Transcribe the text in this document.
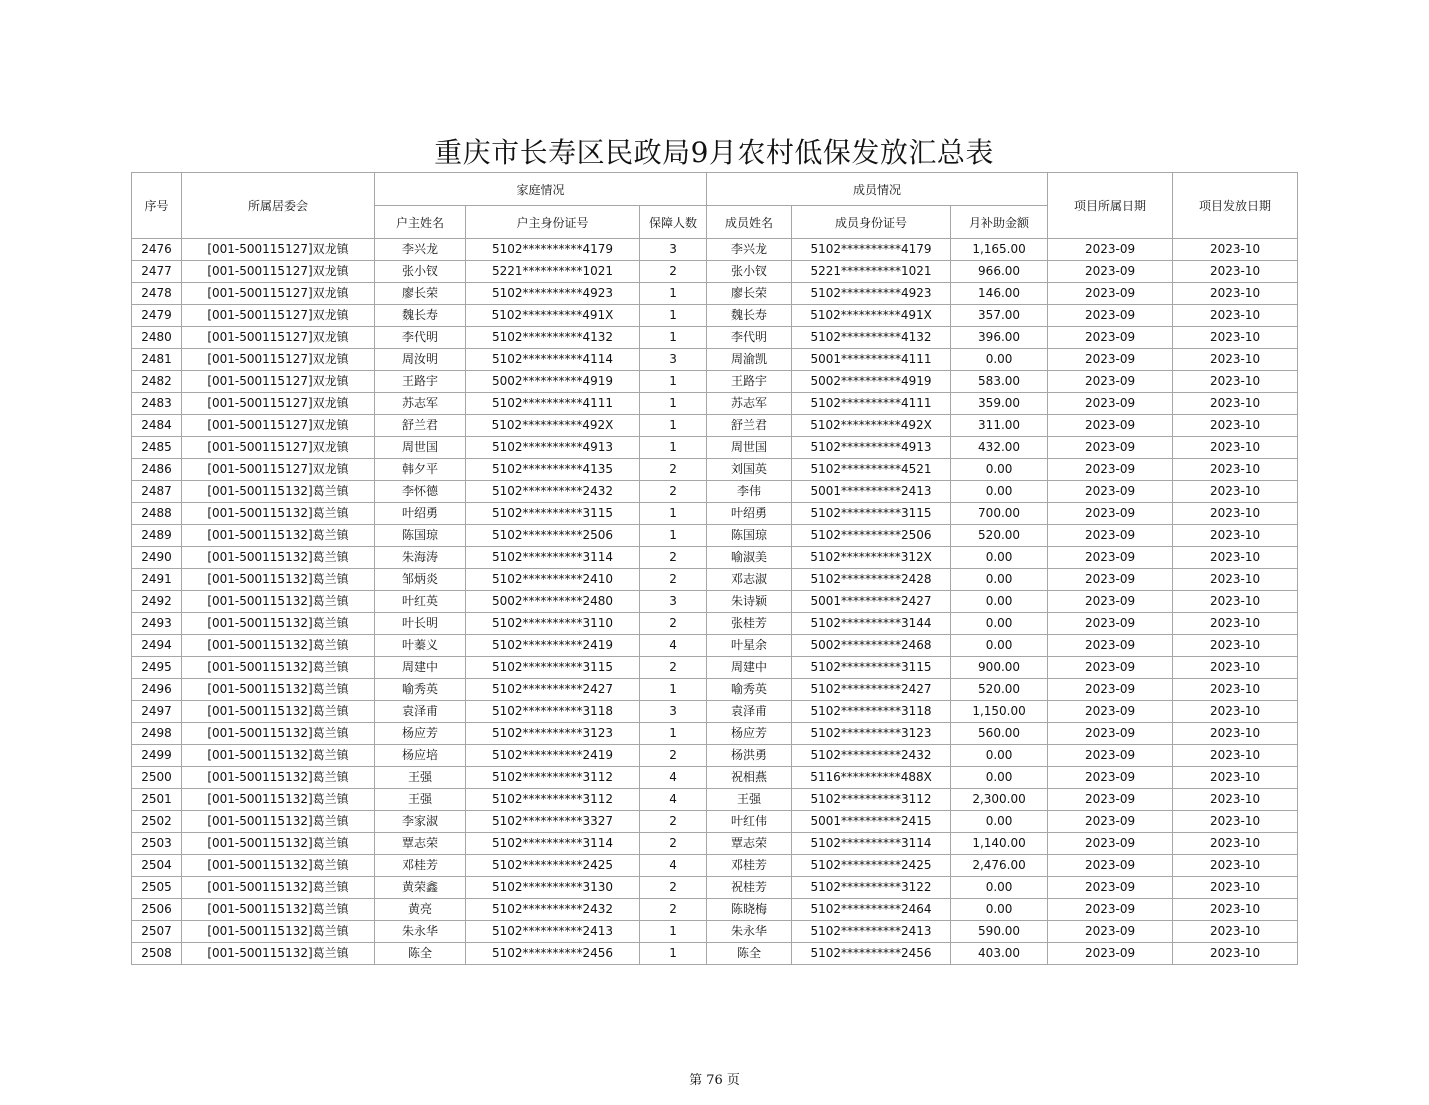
重庆市长寿区民政局9月农村低保发放汇总表
序号	所属居委会	家庭情况			成员情况			项目所属日期	项目发放日期
		户主姓名	户主身份证号	保障人数	成员姓名	成员身份证号	月补助金额		
2476	[001-500115127]双龙镇	李兴龙	5102**********4179	3	李兴龙	5102**********4179	1,165.00	2023-09	2023-10
2477	[001-500115127]双龙镇	张小钗	5221**********1021	2	张小钗	5221**********1021	966.00	2023-09	2023-10
2478	[001-500115127]双龙镇	廖长荣	5102**********4923	1	廖长荣	5102**********4923	146.00	2023-09	2023-10
2479	[001-500115127]双龙镇	魏长寿	5102**********491X	1	魏长寿	5102**********491X	357.00	2023-09	2023-10
2480	[001-500115127]双龙镇	李代明	5102**********4132	1	李代明	5102**********4132	396.00	2023-09	2023-10
2481	[001-500115127]双龙镇	周汝明	5102**********4114	3	周渝凯	5001**********4111	0.00	2023-09	2023-10
2482	[001-500115127]双龙镇	王路宇	5002**********4919	1	王路宇	5002**********4919	583.00	2023-09	2023-10
2483	[001-500115127]双龙镇	苏志军	5102**********4111	1	苏志军	5102**********4111	359.00	2023-09	2023-10
2484	[001-500115127]双龙镇	舒兰君	5102**********492X	1	舒兰君	5102**********492X	311.00	2023-09	2023-10
2485	[001-500115127]双龙镇	周世国	5102**********4913	1	周世国	5102**********4913	432.00	2023-09	2023-10
2486	[001-500115127]双龙镇	韩夕平	5102**********4135	2	刘国英	5102**********4521	0.00	2023-09	2023-10
2487	[001-500115132]葛兰镇	李怀德	5102**********2432	2	李伟	5001**********2413	0.00	2023-09	2023-10
2488	[001-500115132]葛兰镇	叶绍勇	5102**********3115	1	叶绍勇	5102**********3115	700.00	2023-09	2023-10
2489	[001-500115132]葛兰镇	陈国琼	5102**********2506	1	陈国琼	5102**********2506	520.00	2023-09	2023-10
2490	[001-500115132]葛兰镇	朱海涛	5102**********3114	2	喻淑美	5102**********312X	0.00	2023-09	2023-10
2491	[001-500115132]葛兰镇	邹炳炎	5102**********2410	2	邓志淑	5102**********2428	0.00	2023-09	2023-10
2492	[001-500115132]葛兰镇	叶红英	5002**********2480	3	朱诗颖	5001**********2427	0.00	2023-09	2023-10
2493	[001-500115132]葛兰镇	叶长明	5102**********3110	2	张桂芳	5102**********3144	0.00	2023-09	2023-10
2494	[001-500115132]葛兰镇	叶蓁义	5102**********2419	4	叶星余	5002**********2468	0.00	2023-09	2023-10
2495	[001-500115132]葛兰镇	周建中	5102**********3115	2	周建中	5102**********3115	900.00	2023-09	2023-10
2496	[001-500115132]葛兰镇	喻秀英	5102**********2427	1	喻秀英	5102**********2427	520.00	2023-09	2023-10
2497	[001-500115132]葛兰镇	袁泽甫	5102**********3118	3	袁泽甫	5102**********3118	1,150.00	2023-09	2023-10
2498	[001-500115132]葛兰镇	杨应芳	5102**********3123	1	杨应芳	5102**********3123	560.00	2023-09	2023-10
2499	[001-500115132]葛兰镇	杨应培	5102**********2419	2	杨洪勇	5102**********2432	0.00	2023-09	2023-10
2500	[001-500115132]葛兰镇	王强	5102**********3112	4	祝相燕	5116**********488X	0.00	2023-09	2023-10
2501	[001-500115132]葛兰镇	王强	5102**********3112	4	王强	5102**********3112	2,300.00	2023-09	2023-10
2502	[001-500115132]葛兰镇	李家淑	5102**********3327	2	叶红伟	5001**********2415	0.00	2023-09	2023-10
2503	[001-500115132]葛兰镇	覃志荣	5102**********3114	2	覃志荣	5102**********3114	1,140.00	2023-09	2023-10
2504	[001-500115132]葛兰镇	邓桂芳	5102**********2425	4	邓桂芳	5102**********2425	2,476.00	2023-09	2023-10
2505	[001-500115132]葛兰镇	黄荣鑫	5102**********3130	2	祝桂芳	5102**********3122	0.00	2023-09	2023-10
2506	[001-500115132]葛兰镇	黄亮	5102**********2432	2	陈晓梅	5102**********2464	0.00	2023-09	2023-10
2507	[001-500115132]葛兰镇	朱永华	5102**********2413	1	朱永华	5102**********2413	590.00	2023-09	2023-10
2508	[001-500115132]葛兰镇	陈全	5102**********2456	1	陈全	5102**********2456	403.00	2023-09	2023-10
第 76 页
